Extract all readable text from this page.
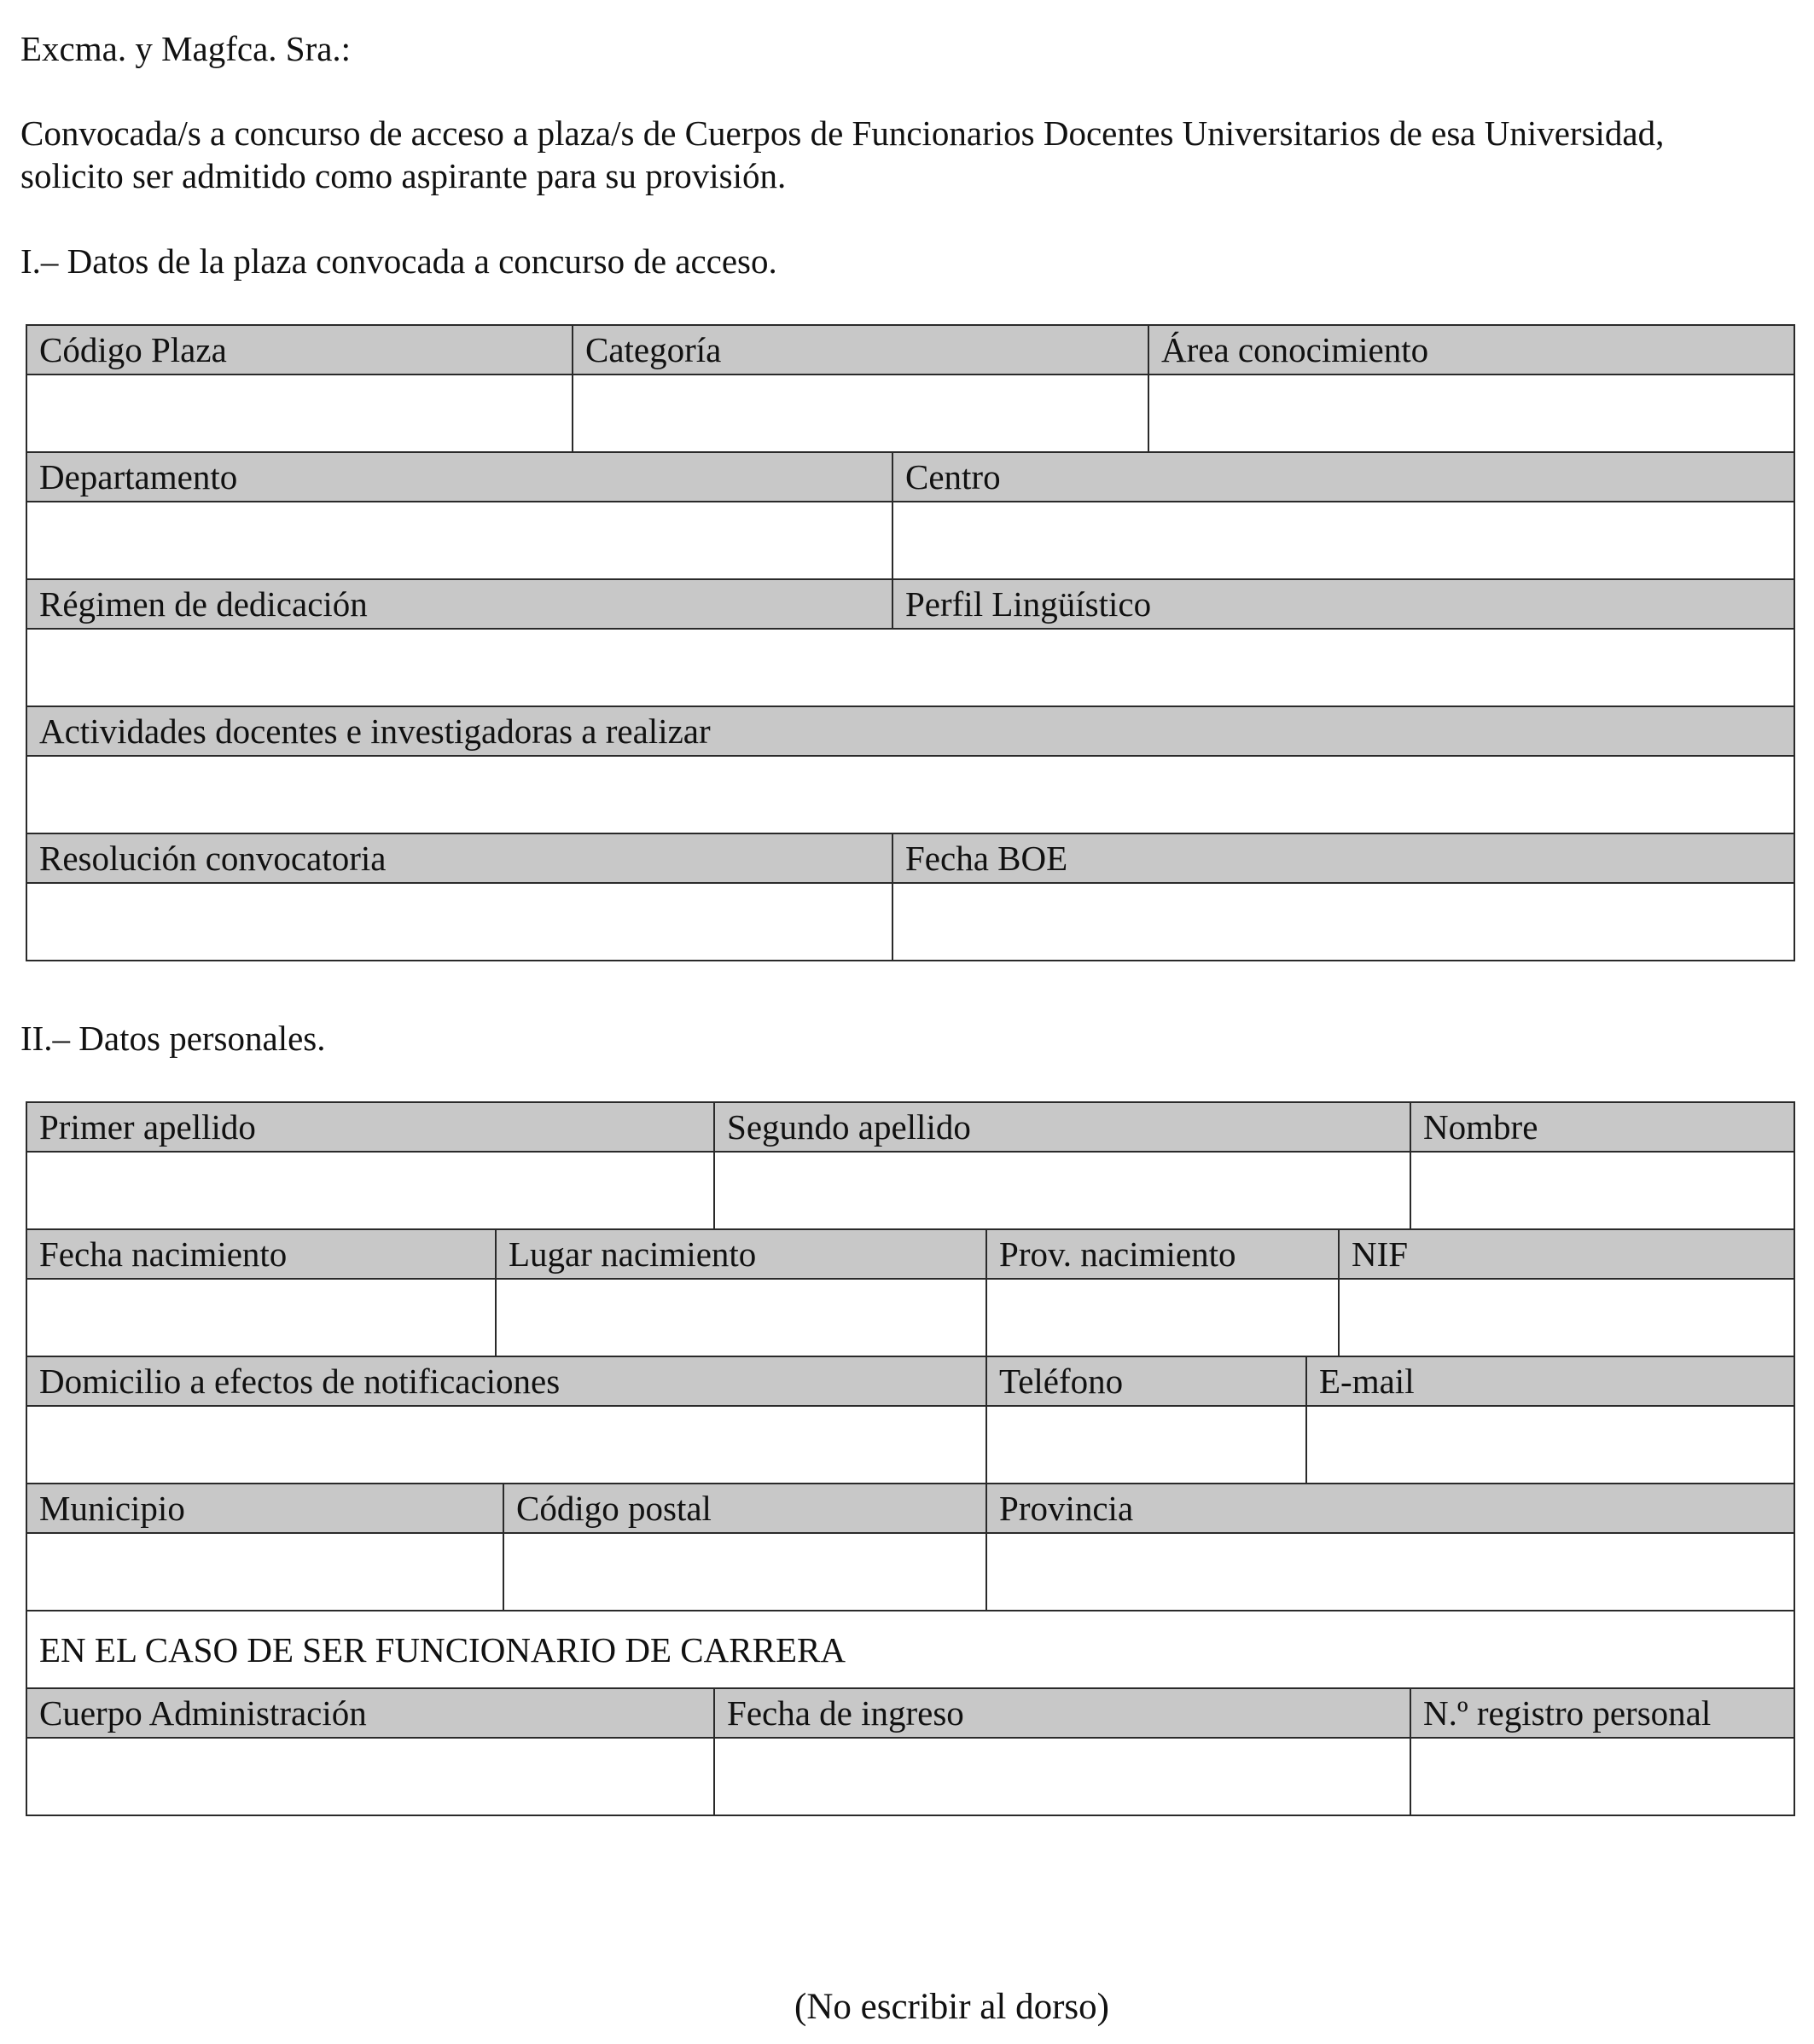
Excma. y Magfca. Sra.:
Convocada/s a concurso de acceso a plaza/s de Cuerpos de Funcionarios Docentes Universitarios de esa Universidad,
solicito ser admitido como aspirante para su provisión.
I.– Datos de la plaza convocada a concurso de acceso.
Código Plaza	Categoría		Área conocimiento

Departamento		Centro	

Régimen de dedicación		Perfil Lingüístico	

Actividades docentes e investigadoras a realizar			

Resolución convocatoria		Fecha BOE	

II.– Datos personales.
Primer apellido			Segundo apellido				Nombre

Fecha nacimiento	Lugar nacimiento			Prov. nacimiento		NIF	

Domicilio a efectos de notificaciones				Teléfono	E-mail		

Municipio		Código postal		Provincia			

EN EL CASO DE SER FUNCIONARIO DE CARRERA							
Cuerpo Administración			Fecha de ingreso				N.º registro personal

(No escribir al dorso)
